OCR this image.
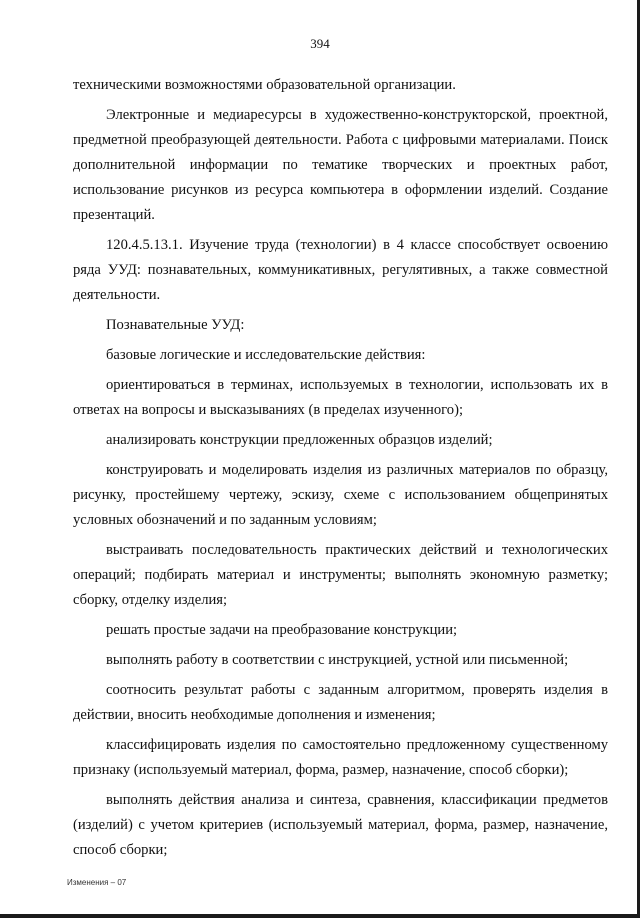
394

техническими возможностями образовательной организации.

Электронные и медиаресурсы в художественно-конструкторской, проектной, предметной преобразующей деятельности. Работа с цифровыми материалами. Поиск дополнительной информации по тематике творческих и проектных работ, использование рисунков из ресурса компьютера в оформлении изделий. Создание презентаций.

120.4.5.13.1. Изучение труда (технологии) в 4 классе способствует освоению ряда УУД: познавательных, коммуникативных, регулятивных, а также совместной деятельности.

Познавательные УУД:

базовые логические и исследовательские действия:

ориентироваться в терминах, используемых в технологии, использовать их в ответах на вопросы и высказываниях (в пределах изученного);

анализировать конструкции предложенных образцов изделий;

конструировать и моделировать изделия из различных материалов по образцу, рисунку, простейшему чертежу, эскизу, схеме с использованием общепринятых условных обозначений и по заданным условиям;

выстраивать последовательность практических действий и технологических операций; подбирать материал и инструменты; выполнять экономную разметку; сборку, отделку изделия;

решать простые задачи на преобразование конструкции;

выполнять работу в соответствии с инструкцией, устной или письменной;

соотносить результат работы с заданным алгоритмом, проверять изделия в действии, вносить необходимые дополнения и изменения;

классифицировать изделия по самостоятельно предложенному существенному признаку (используемый материал, форма, размер, назначение, способ сборки);

выполнять действия анализа и синтеза, сравнения, классификации предметов (изделий) с учетом критериев (используемый материал, форма, размер, назначение, способ сборки;

Изменения – 07
